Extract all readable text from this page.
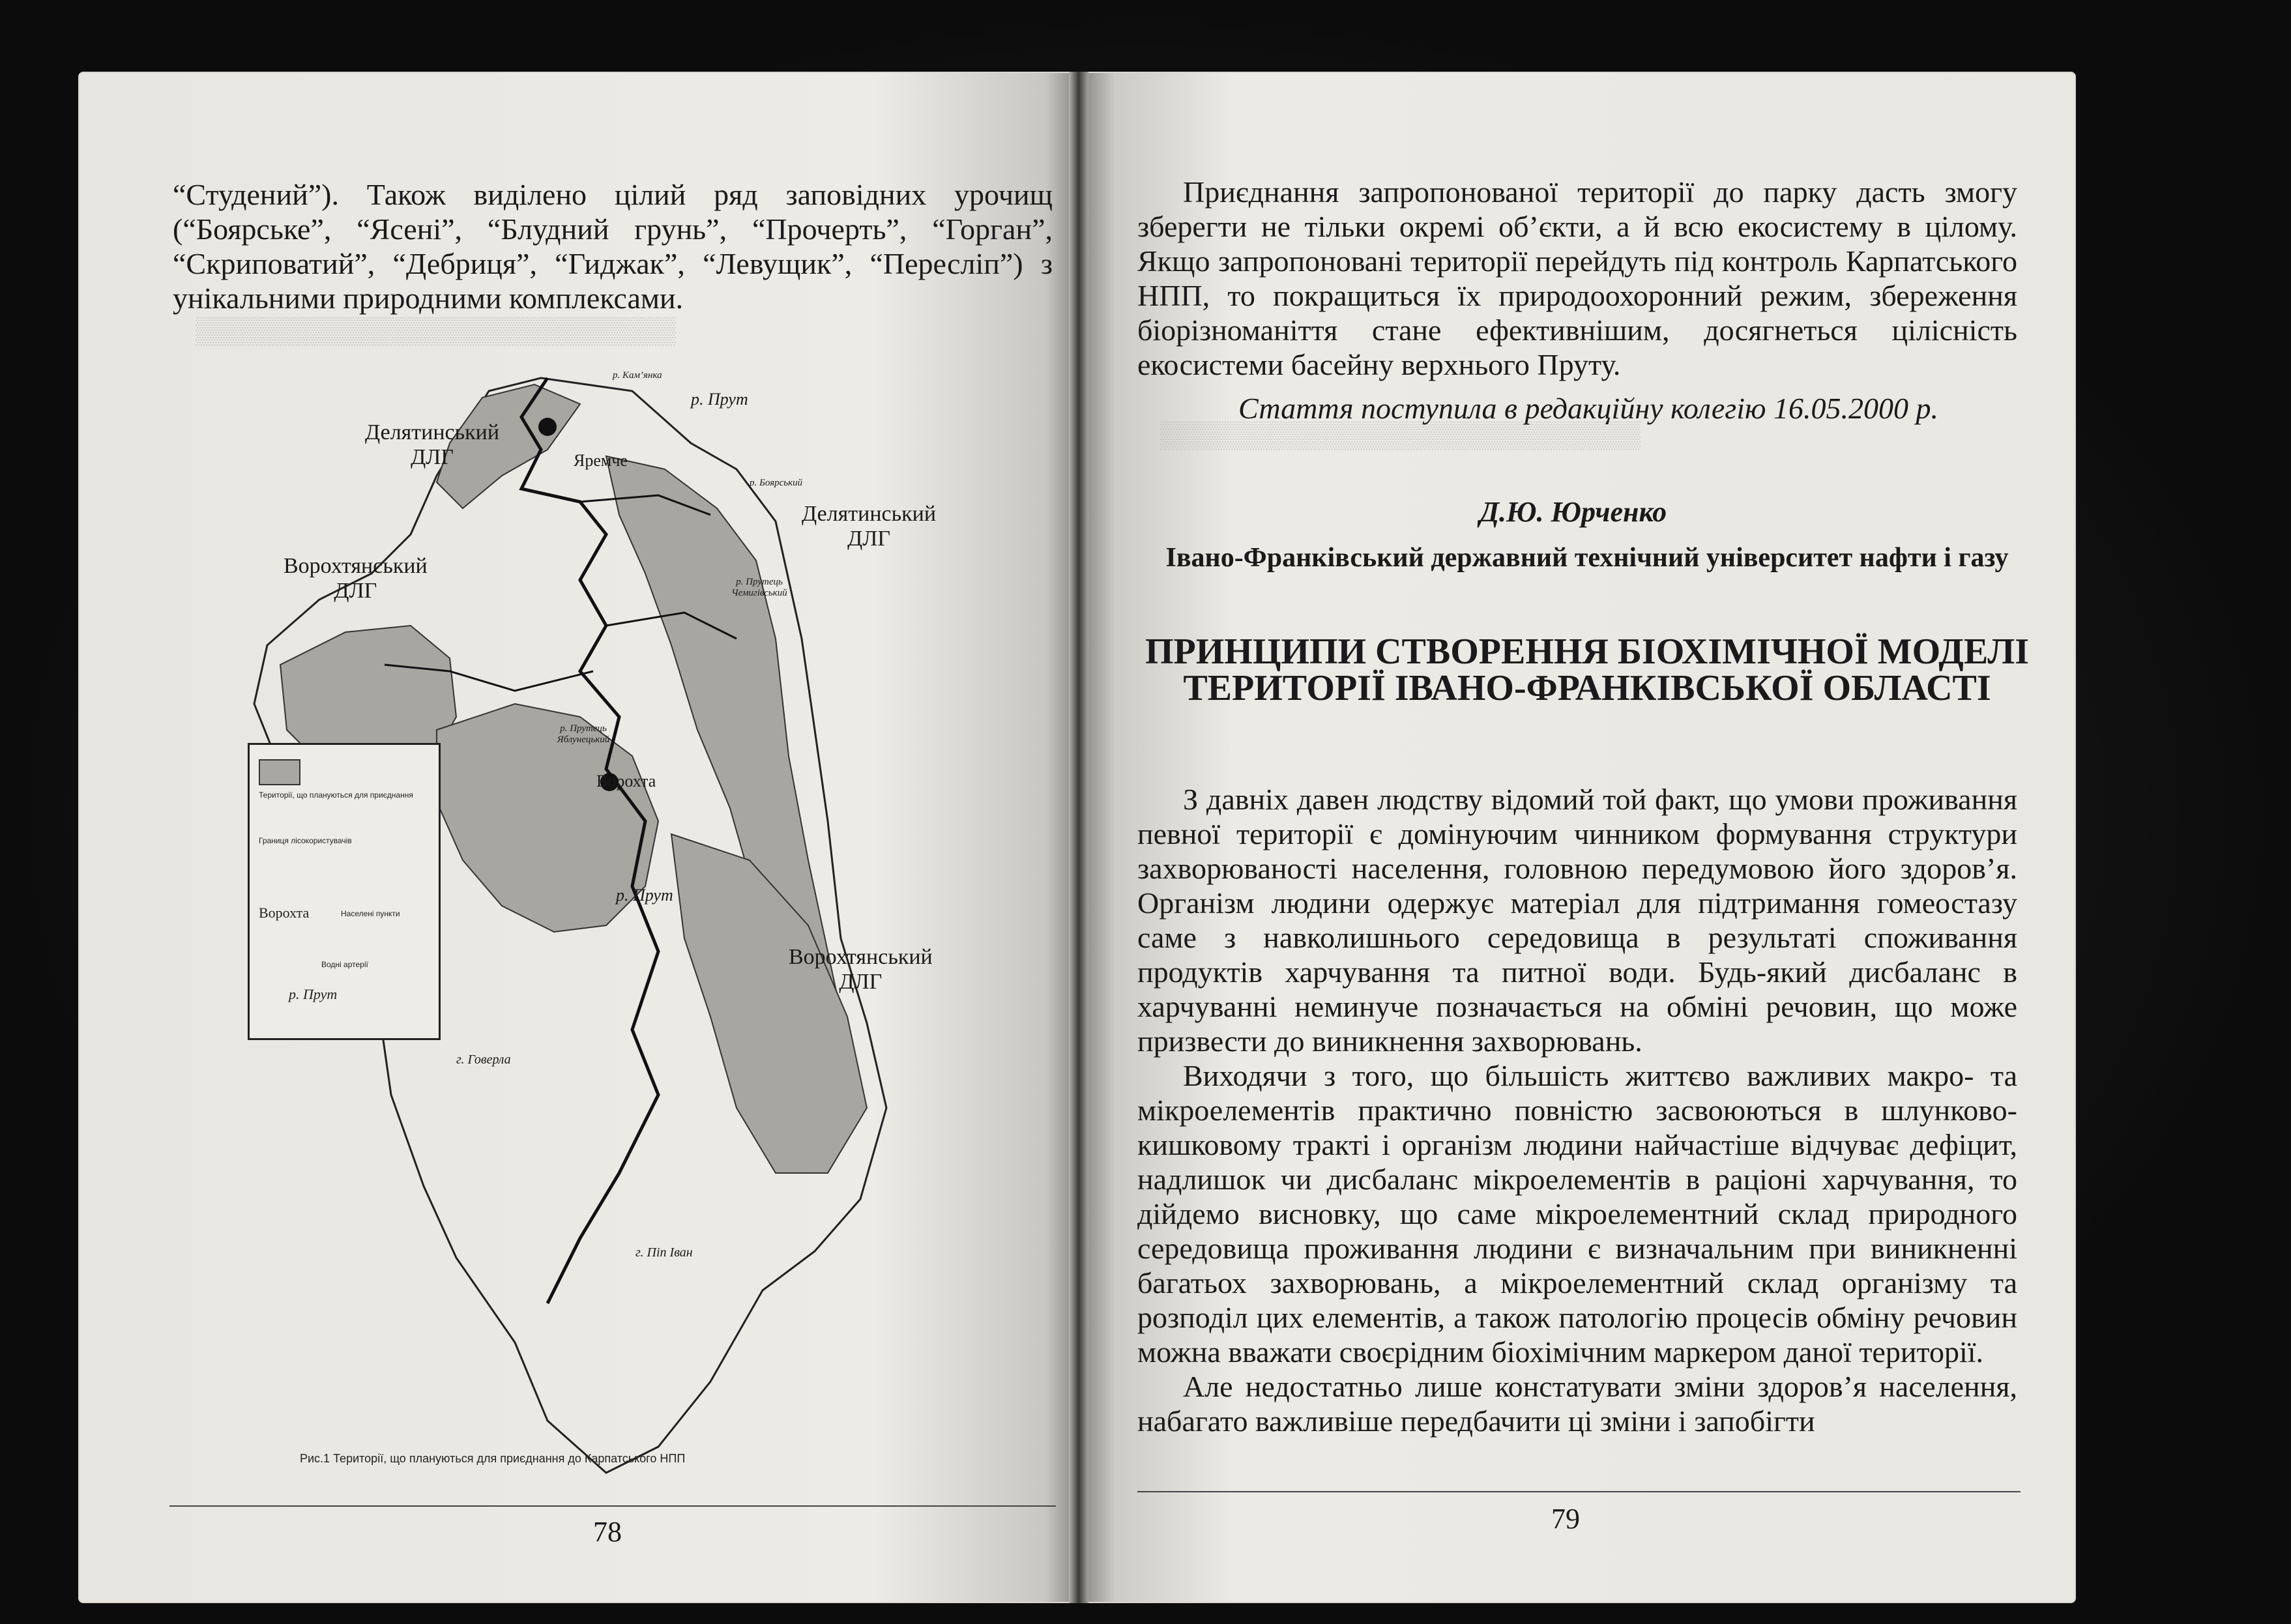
▒▒▒▒▒▒▒▒▒▒▒▒▒▒▒▒▒▒▒▒▒▒▒▒▒▒
▒▒▒▒▒▒▒▒▒▒▒▒▒▒▒▒▒▒▒▒▒▒▒▒▒▒

“Студений”). Також виділено цілий ряд заповідних урочищ (“Боярське”, “Ясені”, “Блудний грунь”, “Прочерть”, “Горган”, “Скриповатий”, “Дебриця”, “Гиджак”, “Левущик”, “Пересліп”) з унікальними природними комплексами.

Делятинський
ДЛГ	Яремче
Делятинський
ДЛГ
Ворохтянський
ДЛГ
Ворохта
Ворохтянський
ДЛГ
р. Кам’янка
р. Прут
р. Боярський
р. Прутець Чемигівський
р. Прутець Яблунецький
р. Прут
г. Говерла
г. Піп Іван
Території, що плануються для приєднання
Границя лісокористувачів
Ворохта	Населені пункти
Водні артерії
р. Прут
Рис.1 Території, що плануються для приєднання до Карпатського НПП
78

Приєднання запропонованої території до парку дасть змогу зберегти не тільки окремі об’єкти, а й всю екосистему в цілому. Якщо запропоновані території перейдуть під контроль Карпатського НПП, то покращиться їх природоохоронний режим, збереження біорізноманіття стане ефективнішим, досягнеться цілісність екосистеми басейну верхнього Пруту.

Стаття поступила в редакційну колегію 16.05.2000 р.
Д.Ю. Юрченко
Івано-Франківський державний технічний університет нафти і газу
ПРИНЦИПИ СТВОРЕННЯ БІОХІМІЧНОЇ МОДЕЛІ ТЕРИТОРІЇ ІВАНО-ФРАНКІВСЬКОЇ ОБЛАСТІ

З давніх давен людству відомий той факт, що умови проживання певної території є домінуючим чинником формування структури захворюваності населення, головною передумовою його здоров’я. Організм людини одержує матеріал для підтримання гомеостазу саме з навколишнього середовища в результаті споживання продуктів харчування та питної води. Будь-який дисбаланс в харчуванні неминуче позначається на обміні речовин, що може призвести до виникнення захворювань.

Виходячи з того, що більшість життєво важливих макро- та мікроелементів практично повністю засвоюються в шлунково-кишковому тракті і організм людини найчастіше відчуває дефіцит, надлишок чи дисбаланс мікроелементів в раціоні харчування, то дійдемо висновку, що саме мікроелементний склад природного середовища проживання людини є визначальним при виникненні багатьох захворювань, а мікроелементний склад організму та розподіл цих елементів, а також патологію процесів обміну речовин можна вважати своєрідним біохімічним маркером даної території.

Але недостатньо лише констатувати зміни здоров’я населення, набагато важливіше передбачити ці зміни і запобігти

79
